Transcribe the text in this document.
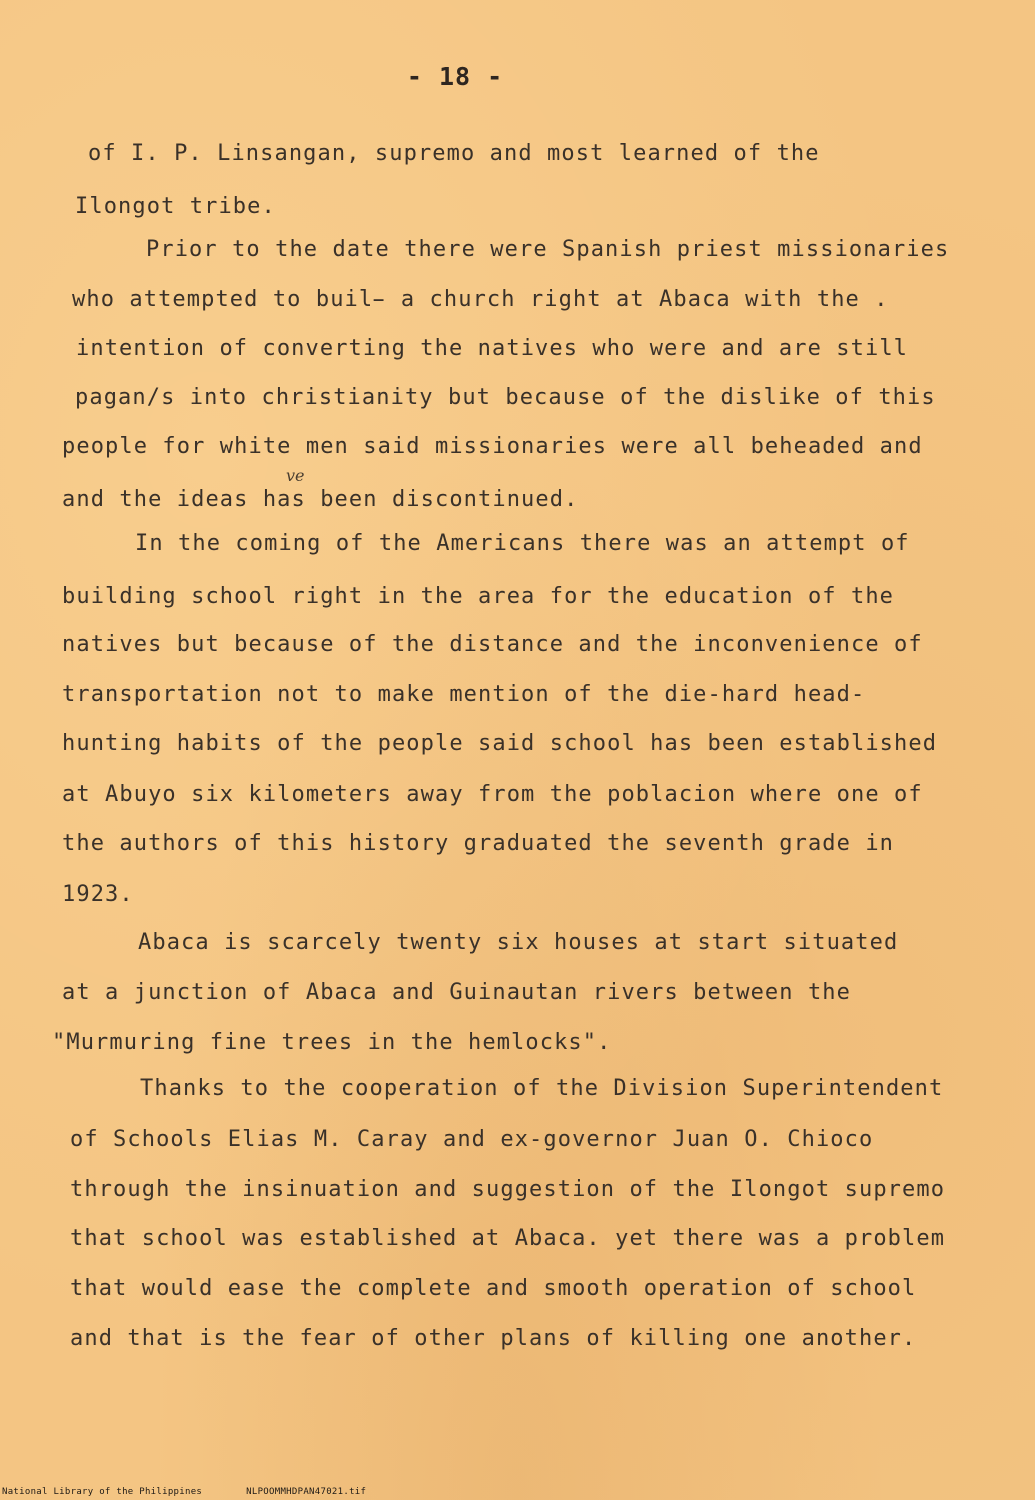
- 18 -
of I. P. Linsangan, supremo and most learned of the
Ilongot tribe.
Prior to the date there were Spanish priest missionaries
who attempted to buil̵ a church right at Abaca with the .
intention of converting the natives who were and are still
pagan/s into christianity but because of the dislike of this
people for white men said missionaries were all beheaded and
and the ideas has been discontinued.
ve
In the coming of the Americans there was an attempt of
building school right in the area for the education of the
natives but because of the distance and the inconvenience of
transportation not to make mention of the die-hard head-
hunting habits of the people said school has been established
at Abuyo six kilometers away from the poblacion where one of
the authors of this history graduated the seventh grade in
1923.
Abaca is scarcely twenty six houses at start situated
at a junction of Abaca and Guinautan rivers between the
"Murmuring fine trees in the hemlocks".
Thanks to the cooperation of the Division Superintendent
of Schools Elias M. Caray and ex-governor Juan O. Chioco
through the insinuation and suggestion of the Ilongot supremo
that school was established at Abaca. yet there was a problem
that would ease the complete and smooth operation of school
and that is the fear of other plans of killing one another.
National Library of the Philippines	NLPOOMMHDPAN47021.tif
